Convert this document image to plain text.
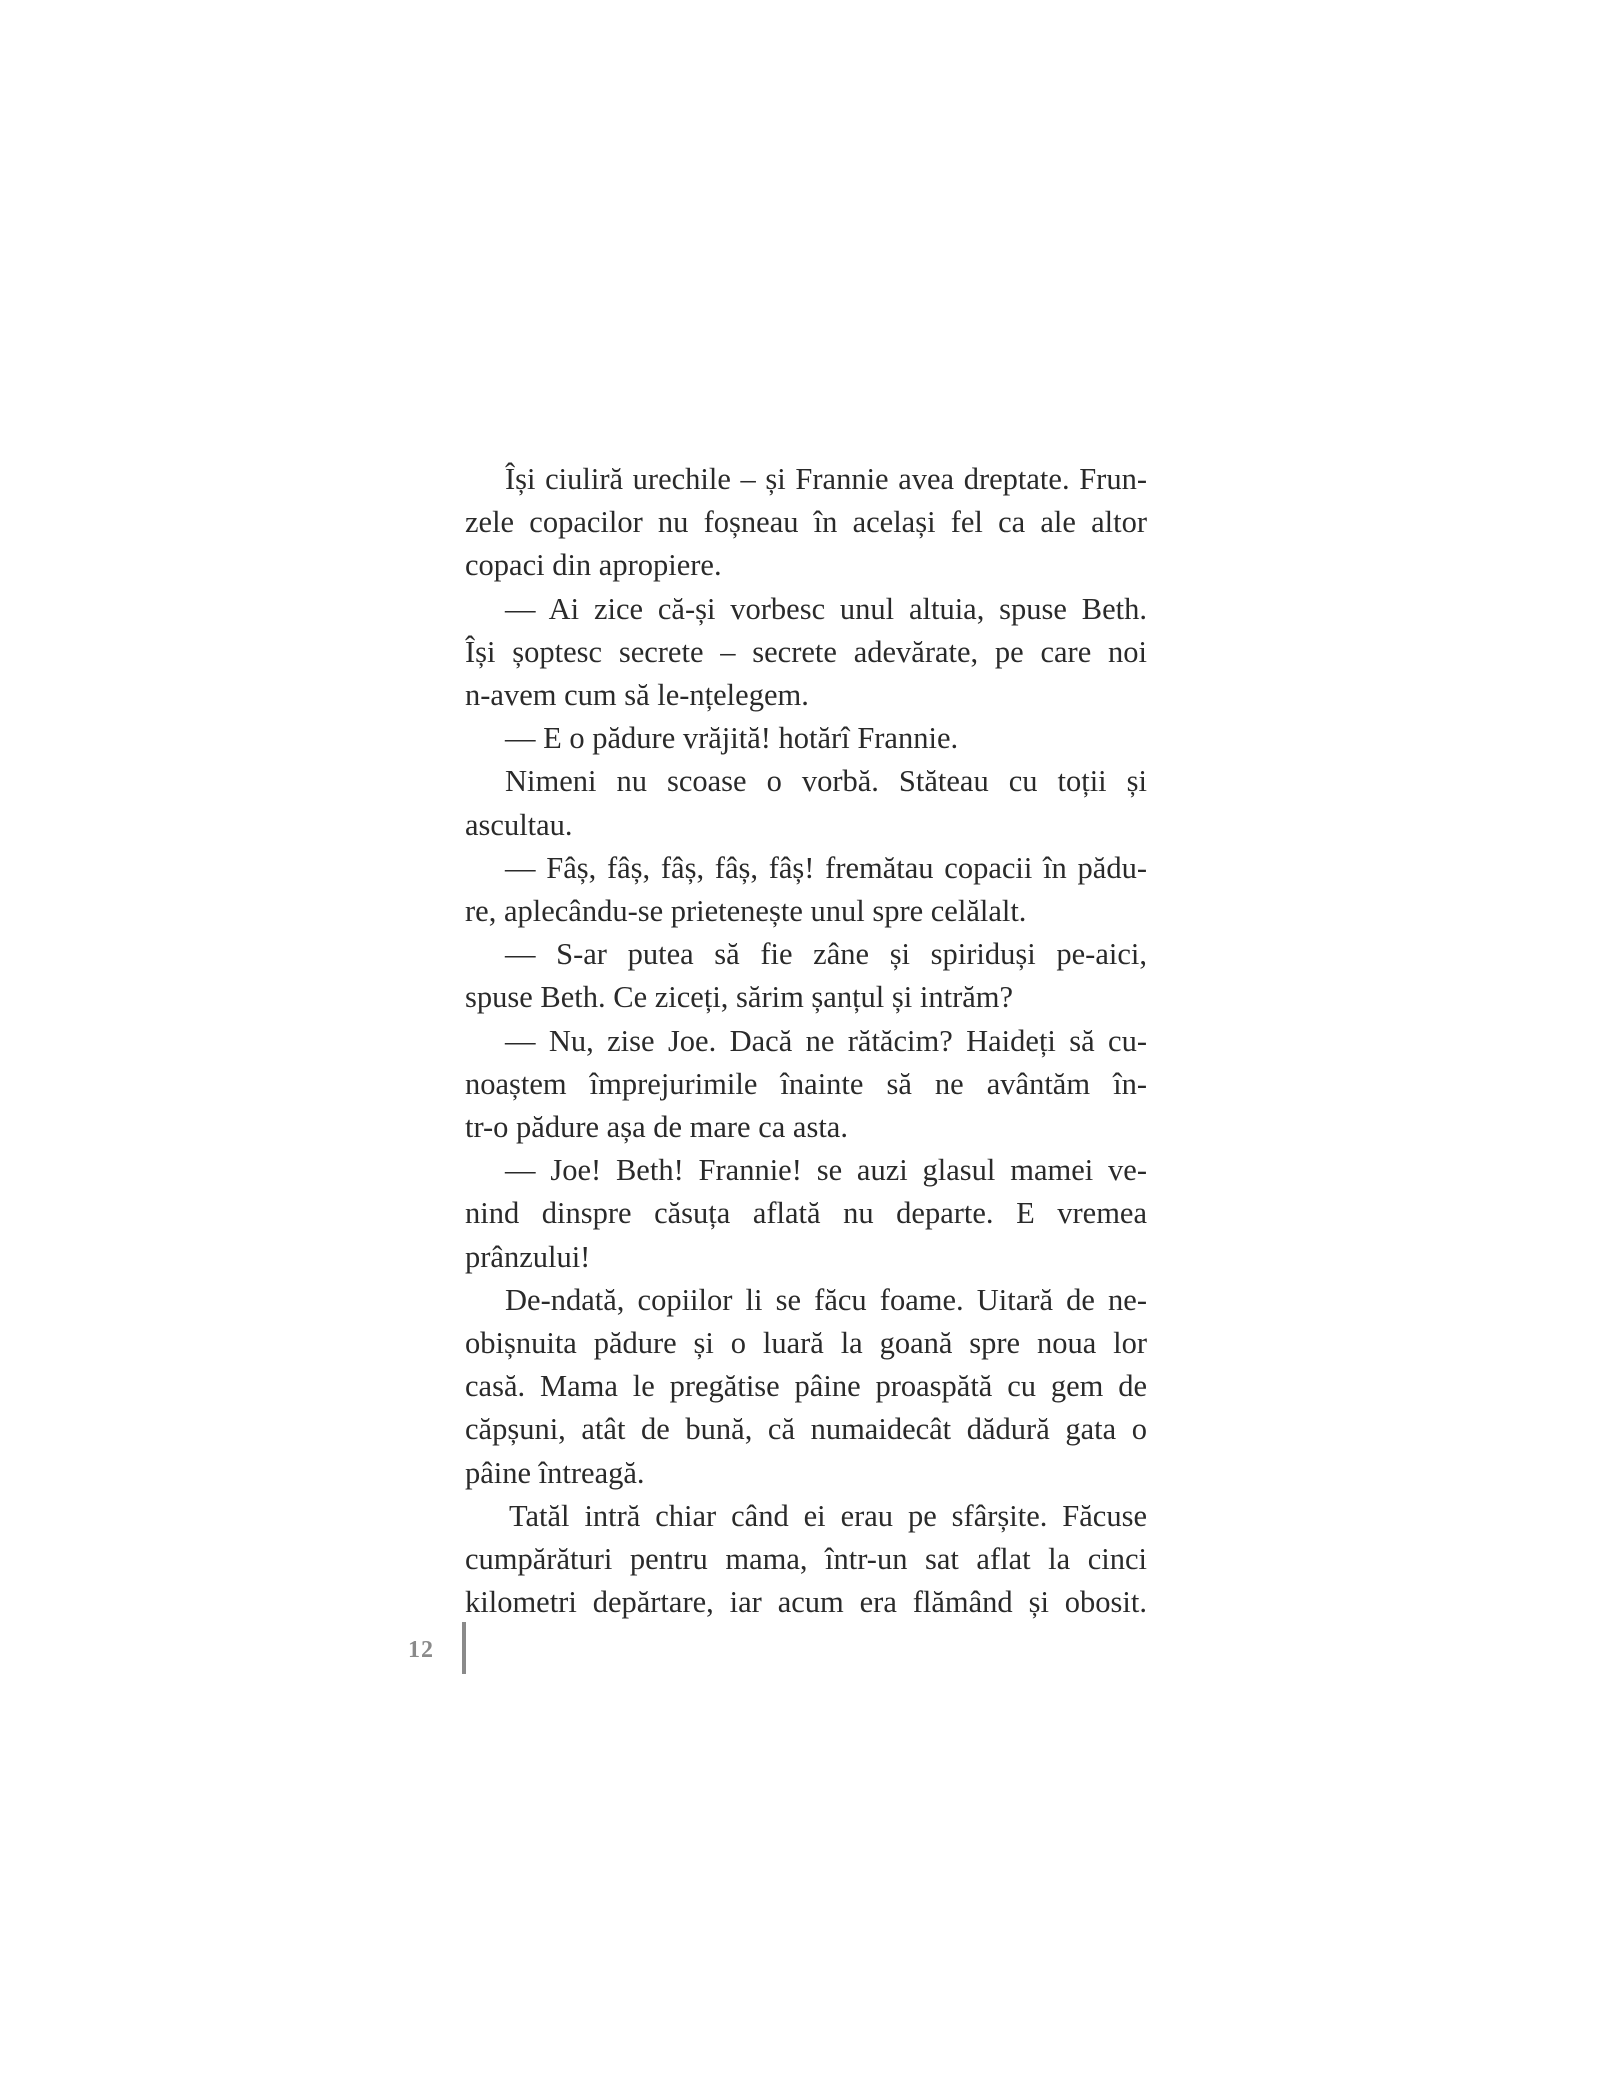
Își ciuliră urechile – și Frannie avea dreptate. Frun-
zele copacilor nu foșneau în același fel ca ale altor
copaci din apropiere.

— Ai zice că-și vorbesc unul altuia, spuse Beth.
Își șoptesc secrete – secrete adevărate, pe care noi
n-avem cum să le-nțelegem.

— E o pădure vrăjită! hotărî Frannie.

Nimeni nu scoase o vorbă. Stăteau cu toții și
ascultau.

— Fâș, fâș, fâș, fâș, fâș! fremătau copacii în pădu-
re, aplecându-se prietenește unul spre celălalt.

— S-ar putea să fie zâne și spiriduși pe-aici,
spuse Beth. Ce ziceți, sărim șanțul și intrăm?

— Nu, zise Joe. Dacă ne rătăcim? Haideți să cu-
noaștem împrejurimile înainte să ne avântăm în-
tr-o pădure așa de mare ca asta.

— Joe! Beth! Frannie! se auzi glasul mamei ve-
nind dinspre căsuța aflată nu departe. E vremea
prânzului!

De-ndată, copiilor li se făcu foame. Uitară de ne-
obișnuita pădure și o luară la goană spre noua lor
casă. Mama le pregătise pâine proaspătă cu gem de
căpșuni, atât de bună, că numaidecât dădură gata o
pâine întreagă.

Tatăl intră chiar când ei erau pe sfârșite. Făcuse
cumpărături pentru mama, într-un sat aflat la cinci
kilometri depărtare, iar acum era flămând și obosit.

12
